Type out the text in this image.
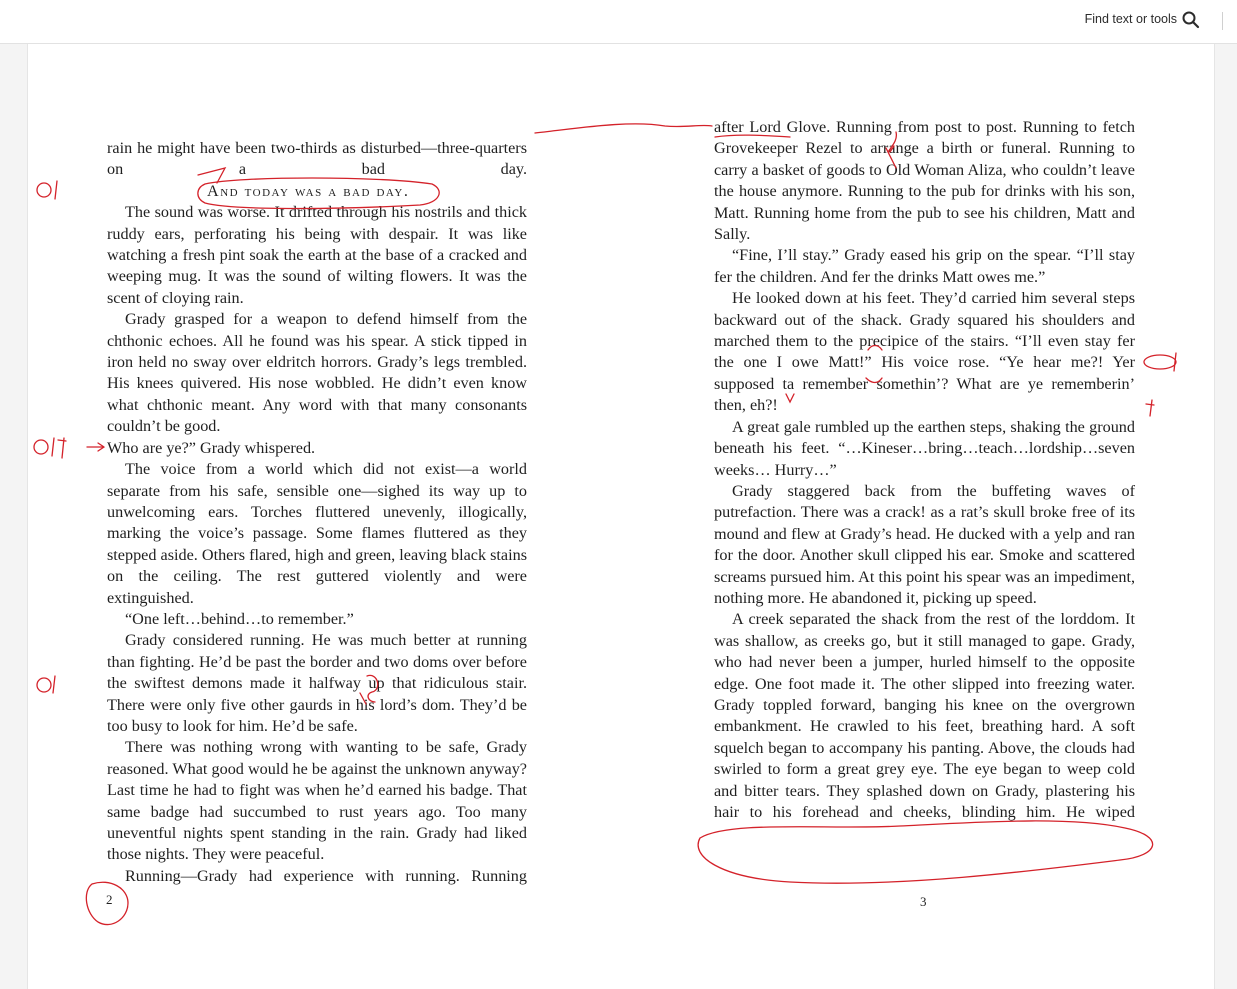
Find text or tools

rain he might have been two-thirds as disturbed—three-quarters on a bad day.

And today was a bad day.

The sound was worse. It drifted through his nostrils and thick ruddy ears, perforating his being with despair. It was like watching a fresh pint soak the earth at the base of a cracked and weeping mug. It was the sound of wilting flowers. It was the scent of cloying rain.

Grady grasped for a weapon to defend himself from the chthonic echoes. All he found was his spear. A stick tipped in iron held no sway over eldritch horrors. Grady’s legs trembled. His knees quivered. His nose wobbled. He didn’t even know what chthonic meant. Any word with that many consonants couldn’t be good.

Who are ye?” Grady whispered.

The voice from a world which did not exist—a world separate from his safe, sensible one—sighed its way up to unwelcoming ears. Torches fluttered unevenly, illogically, marking the voice’s passage. Some flames fluttered as they stepped aside. Others flared, high and green, leaving black stains on the ceiling. The rest guttered violently and were extinguished.

“One left…behind…to remember.”

Grady considered running. He was much better at running than fighting. He’d be past the border and two doms over before the swiftest demons made it halfway up that ridiculous stair. There were only five other gaurds in his lord’s dom. They’d be too busy to look for him. He’d be safe.

There was nothing wrong with wanting to be safe, Grady reasoned. What good would he be against the unknown anyway? Last time he had to fight was when he’d earned his badge. That same badge had succumbed to rust years ago. Too many uneventful nights spent standing in the rain. Grady had liked those nights. They were peaceful.

Running—Grady had experience with running. Running

after Lord Glove. Running from post to post. Running to fetch Grovekeeper Rezel to arrange a birth or funeral. Running to carry a basket of goods to Old Woman Aliza, who couldn’t leave the house anymore. Running to the pub for drinks with his son, Matt. Running home from the pub to see his children, Matt and Sally.

“Fine, I’ll stay.” Grady eased his grip on the spear. “I’ll stay fer the children. And fer the drinks Matt owes me.”

He looked down at his feet. They’d carried him several steps backward out of the shack. Grady squared his shoulders and marched them to the precipice of the stairs. “I’ll even stay fer the one I owe Matt!” His voice rose. “Ye hear me?! Yer supposed ta remember somethin’? What are ye rememberin’ then, eh?!

A great gale rumbled up the earthen steps, shaking the ground beneath his feet. “…Kineser…bring…teach…lordship…seven weeks… Hurry…”

Grady staggered back from the buffeting waves of putrefaction. There was a crack! as a rat’s skull broke free of its mound and flew at Grady’s head. He ducked with a yelp and ran for the door. Another skull clipped his ear. Smoke and scattered screams pursued him. At this point his spear was an impediment, nothing more. He abandoned it, picking up speed.

A creek separated the shack from the rest of the lorddom. It was shallow, as creeks go, but it still managed to gape. Grady, who had never been a jumper, hurled himself to the opposite edge. One foot made it. The other slipped into freezing water. Grady toppled forward, banging his knee on the overgrown embankment. He crawled to his feet, breathing hard. A soft squelch began to accompany his panting. Above, the clouds had swirled to form a great grey eye. The eye began to weep cold and bitter tears. They splashed down on Grady, plastering his hair to his forehead and cheeks, blinding him. He wiped

2	3
